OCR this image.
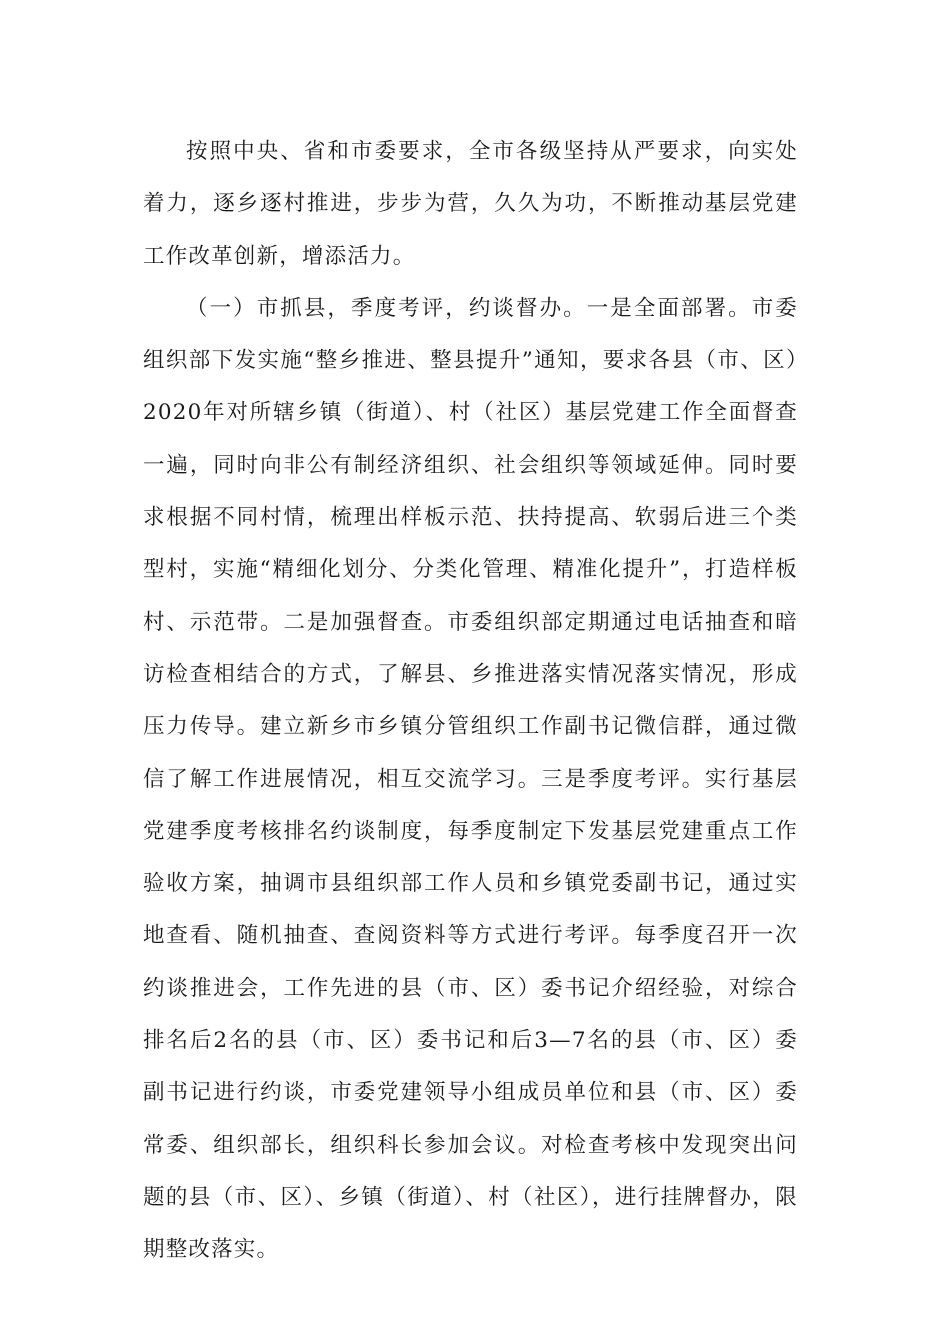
按照中央、省和市委要求，全市各级坚持从严要求，向实处着力，逐乡逐村推进，步步为营，久久为功，不断推动基层党建工作改革创新，增添活力。

（一）市抓县，季度考评，约谈督办。一是全面部署。市委组织部下发实施“整乡推进、整县提升”通知，要求各县（市、区）2020年对所辖乡镇（街道）、村（社区）基层党建工作全面督查一遍，同时向非公有制经济组织、社会组织等领域延伸。同时要求根据不同村情，梳理出样板示范、扶持提高、软弱后进三个类型村，实施“精细化划分、分类化管理、精准化提升”，打造样板村、示范带。二是加强督查。市委组织部定期通过电话抽查和暗访检查相结合的方式，了解县、乡推进落实情况落实情况，形成压力传导。建立新乡市乡镇分管组织工作副书记微信群，通过微信了解工作进展情况，相互交流学习。三是季度考评。实行基层党建季度考核排名约谈制度，每季度制定下发基层党建重点工作验收方案，抽调市县组织部工作人员和乡镇党委副书记，通过实地查看、随机抽查、查阅资料等方式进行考评。每季度召开一次约谈推进会，工作先进的县（市、区）委书记介绍经验，对综合排名后2名的县（市、区）委书记和后3—7名的县（市、区）委副书记进行约谈，市委党建领导小组成员单位和县（市、区）委常委、组织部长，组织科长参加会议。对检查考核中发现突出问题的县（市、区）、乡镇（街道）、村（社区），进行挂牌督办，限期整改落实。
